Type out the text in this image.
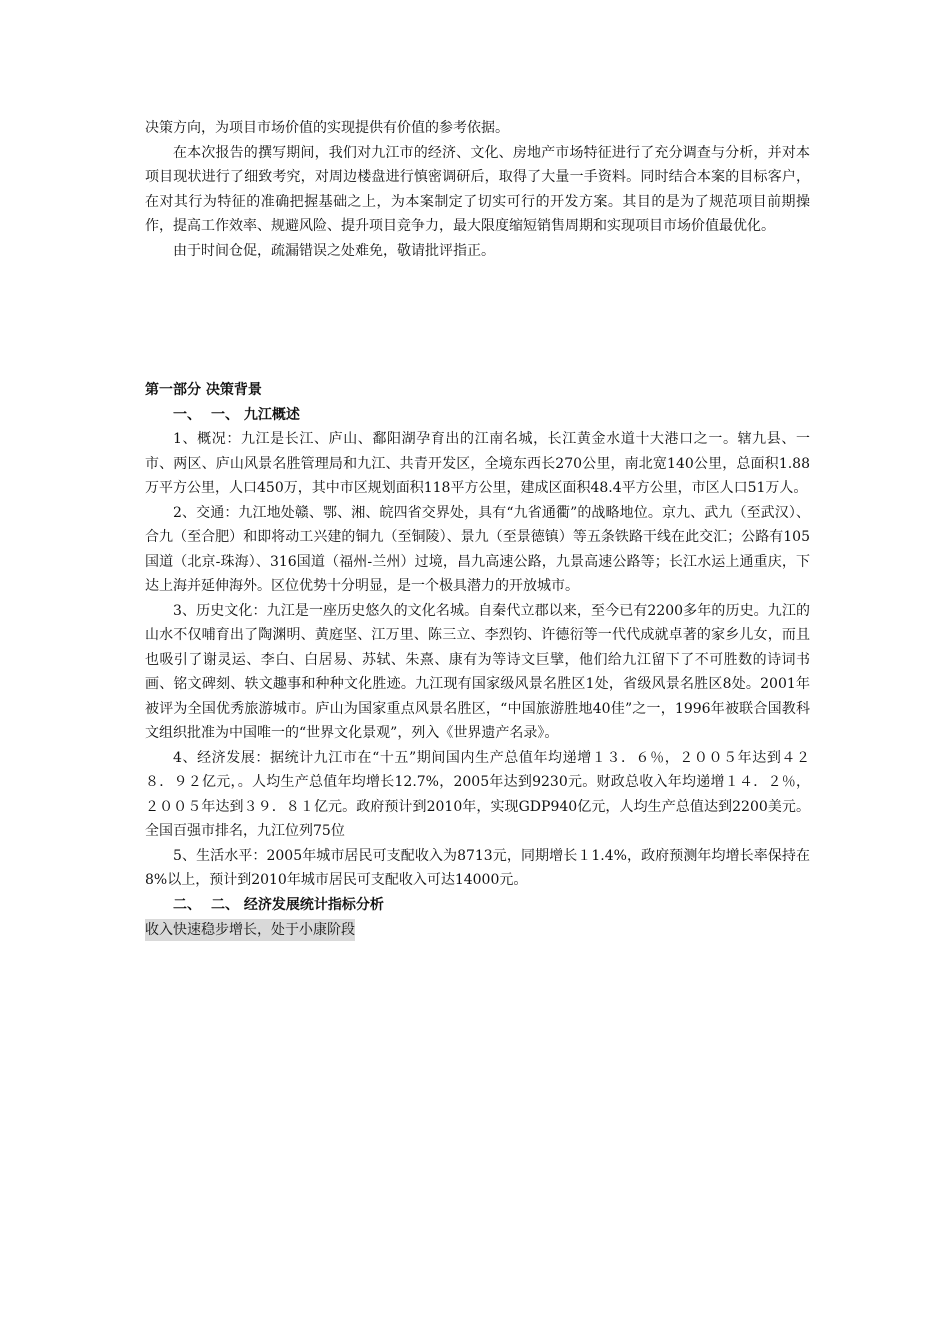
决策方向，为项目市场价值的实现提供有价值的参考依据。

在本次报告的撰写期间，我们对九江市的经济、文化、房地产市场特征进行了充分调查与分析，并对本项目现状进行了细致考究，对周边楼盘进行慎密调研后，取得了大量一手资料。同时结合本案的目标客户，在对其行为特征的准确把握基础之上，为本案制定了切实可行的开发方案。其目的是为了规范项目前期操作，提高工作效率、规避风险、提升项目竞争力，最大限度缩短销售周期和实现项目市场价值最优化。

由于时间仓促，疏漏错误之处难免，敬请批评指正。

第一部分 决策背景

一、 一、 九江概述

1、概况：九江是长江、庐山、鄱阳湖孕育出的江南名城，长江黄金水道十大港口之一。辖九县、一市、两区、庐山风景名胜管理局和九江、共青开发区，全境东西长270公里，南北宽140公里，总面积1.88万平方公里，人口450万，其中市区规划面积118平方公里，建成区面积48.4平方公里，市区人口51万人。

2、交通：九江地处赣、鄂、湘、皖四省交界处，具有“九省通衢”的战略地位。京九、武九（至武汉）、合九（至合肥）和即将动工兴建的铜九（至铜陵）、景九（至景德镇）等五条铁路干线在此交汇；公路有105国道（北京-珠海）、316国道（福州-兰州）过境，昌九高速公路，九景高速公路等；长江水运上通重庆，下达上海并延伸海外。区位优势十分明显，是一个极具潜力的开放城市。

3、历史文化：九江是一座历史悠久的文化名城。自秦代立郡以来，至今已有2200多年的历史。九江的山水不仅哺育出了陶渊明、黄庭坚、江万里、陈三立、李烈钧、许德衍等一代代成就卓著的家乡儿女，而且也吸引了谢灵运、李白、白居易、苏轼、朱熹、康有为等诗文巨擘，他们给九江留下了不可胜数的诗词书画、铭文碑刻、轶文趣事和种种文化胜迹。九江现有国家级风景名胜区1处，省级风景名胜区8处。2001年被评为全国优秀旅游城市。庐山为国家重点风景名胜区，“中国旅游胜地40佳”之一，1996年被联合国教科文组织批准为中国唯一的“世界文化景观”，列入《世界遗产名录》。

4、经济发展：据统计九江市在“十五”期间国内生产总值年均递增１３．６％，２００５年达到４２８．９２亿元，。人均生产总值年均增长12.7%，2005年达到9230元。财政总收入年均递增１４．２％，２００５年达到３９．８１亿元。政府预计到2010年，实现GDP940亿元，人均生产总值达到2200美元。全国百强市排名，九江位列75位

5、生活水平：2005年城市居民可支配收入为8713元，同期增长１1.4%，政府预测年均增长率保持在8%以上，预计到2010年城市居民可支配收入可达14000元。

二、 二、 经济发展统计指标分析

收入快速稳步增长，处于小康阶段
